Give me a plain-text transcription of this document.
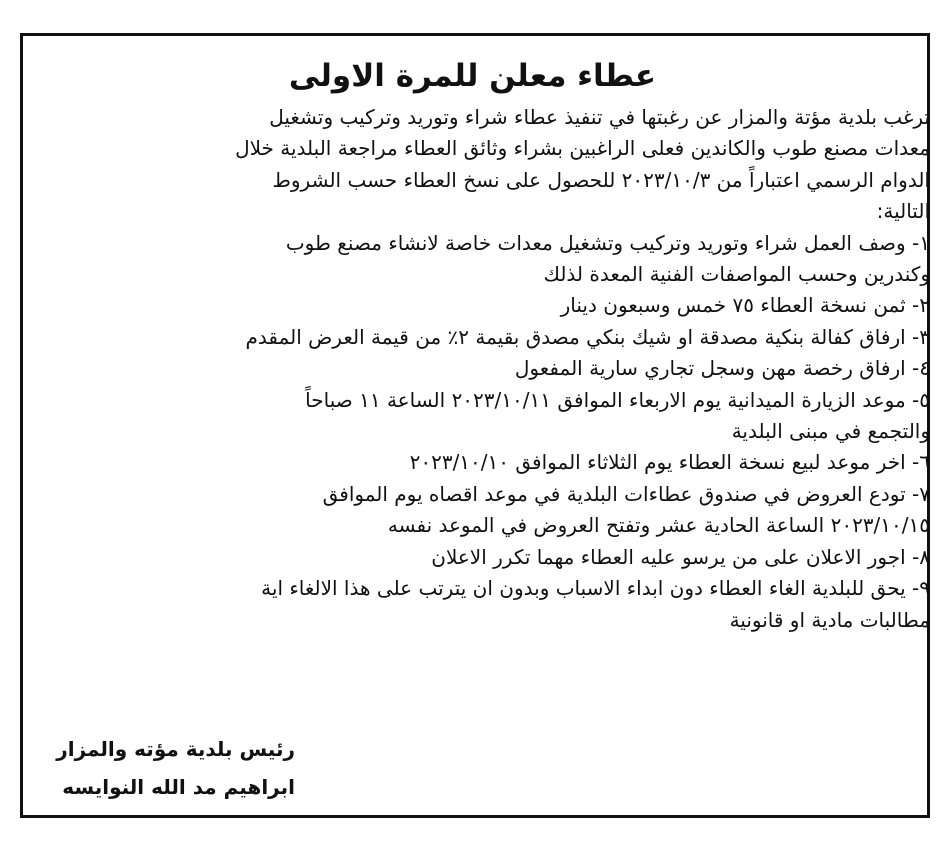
عطاء معلن للمرة الاولى
ترغب بلدية مؤتة والمزار عن رغبتها في تنفيذ عطاء شراء وتوريد وتركيب وتشغيل
معدات مصنع طوب والكاندين فعلى الراغبين بشراء وثائق العطاء مراجعة البلدية خلال
الدوام الرسمي اعتباراً من ٢٠٢٣/١٠/٣ للحصول على نسخ العطاء حسب الشروط
التالية:
١- وصف العمل شراء وتوريد وتركيب وتشغيل معدات خاصة لانشاء مصنع طوب
وكندرين وحسب المواصفات الفنية المعدة لذلك
٢- ثمن نسخة العطاء ٧٥ خمس وسبعون دينار
٣- ارفاق كفالة بنكية مصدقة او شيك بنكي مصدق بقيمة ٢٪ من قيمة العرض المقدم
٤- ارفاق رخصة مهن وسجل تجاري سارية المفعول
٥- موعد الزيارة الميدانية يوم الاربعاء الموافق ٢٠٢٣/١٠/١١ الساعة ١١ صباحاً
والتجمع في مبنى البلدية
٦- اخر موعد لبيع نسخة العطاء يوم الثلاثاء الموافق ٢٠٢٣/١٠/١٠
٧- تودع العروض في صندوق عطاءات البلدية في موعد اقصاه يوم الموافق
٢٠٢٣/١٠/١٥ الساعة الحادية عشر وتفتح العروض في الموعد نفسه
٨- اجور الاعلان على من يرسو عليه العطاء مهما تكرر الاعلان
٩- يحق للبلدية الغاء العطاء دون ابداء الاسباب وبدون ان يترتب على هذا الالغاء اية
مطالبات مادية او قانونية
رئيس بلدية مؤته والمزار
ابراهيم مد الله النوايسه
